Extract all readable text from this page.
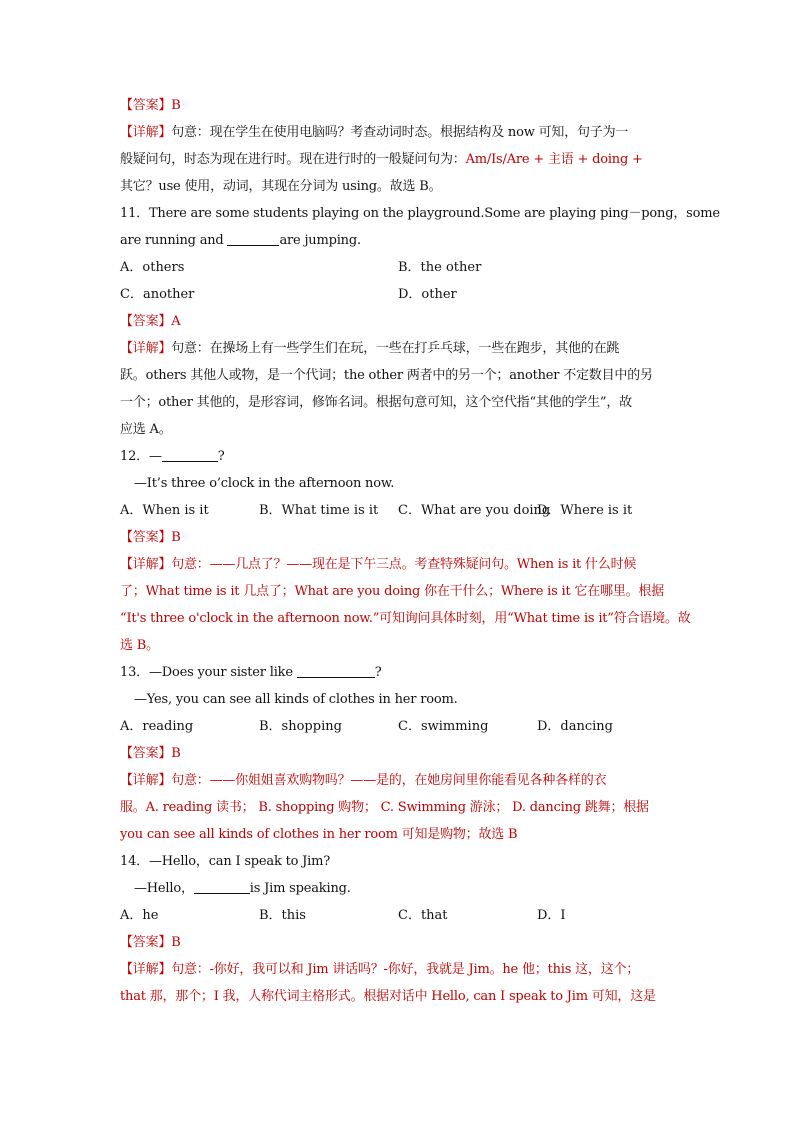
【答案】B
【详解】句意：现在学生在使用电脑吗？考查动词时态。根据结构及 now 可知，句子为一
般疑问句，时态为现在进行时。现在进行时的一般疑问句为：Am/Is/Are + 主语 + doing +
其它？use 使用，动词，其现在分词为 using。故选 B。
11．There are some students playing on the playground.Some are playing ping－pong，some
are running and	are jumping.
A．others	B．the other
C．another	D．other
【答案】A
【详解】句意：在操场上有一些学生们在玩，一些在打乒乓球，一些在跑步，其他的在跳
跃。others 其他人或物，是一个代词；the other 两者中的另一个；another 不定数目中的另
一个；other 其他的，是形容词，修饰名词。根据句意可知，这个空代指“其他的学生”，故
应选 A。
12．—	?
—It’s three o’clock in the afternoon now.
A．When is it	B．What time is it	C．What are you doing
D．Where is it
【答案】B
【详解】句意：——几点了？——现在是下午三点。考查特殊疑问句。When is it 什么时候
了；What time is it 几点了；What are you doing 你在干什么；Where is it 它在哪里。根据
“It's three o'clock in the afternoon now.”可知询问具体时刻，用“What time is it”符合语境。故
选 B。
13．—Does your sister like	?
—Yes, you can see all kinds of clothes in her room.
A．reading	B．shopping	C．swimming	D．dancing
【答案】B
【详解】句意：——你姐姐喜欢购物吗？——是的，在她房间里你能看见各种各样的衣
服。A. reading 读书； B. shopping 购物； C. Swimming 游泳； D. dancing 跳舞；根据
you can see all kinds of clothes in her room 可知是购物；故选 B
14．—Hello，can I speak to Jim?
—Hello，	is Jim speaking.
A．he	B．this	C．that	D．I
【答案】B
【详解】句意：-你好，我可以和 Jim 讲话吗？-你好，我就是 Jim。he 他；this 这，这个；
that 那，那个；I 我，人称代词主格形式。根据对话中 Hello, can I speak to Jim 可知，这是
